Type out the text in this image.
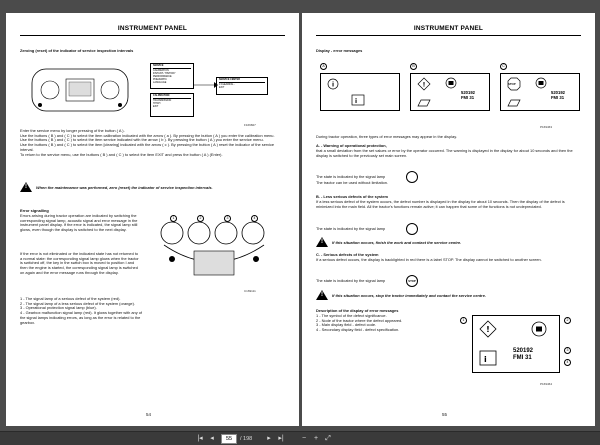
INSTRUMENT PANEL
Zeroing (reset) of the indicator of service inspection intervals
SERVICE
CALIBRATION
INSTANT / HISTORY
PERFORMANCE
PNEUMATIC
LANGUAGE
CALIBRATION
TRANSMISSION
HITCH
EXIT
SERVICE CENTER
0 CLEARING...
EXIT
F169827
Enter the service menu by longer pressing of the button ( A ).
Use the buttons ( B ) and ( C ) to select the item calibration indicated with the arrow ( a ). By pressing the button ( A ) you enter the calibration menu.
Use the buttons ( B ) and ( C ) to select the item service indicated with the arrow ( b ). By pressing the button ( A ) you enter the service menu.
Use the buttons ( B ) and ( C ) to select the item [clearing] indicated with the arrow ( c ). By pressing the button ( A ) reset the indicator of the service interval.
To return to the service menu, use the buttons ( B ) and ( C ) to select the item EXIT and press the button ( A ) (Enter).
!
When the maintenance was performed, zero (reset) the indicator of service inspection intervals.
Error signalling
Errors arising during tractor operation are indicated by switching the corresponding signal lamp, acoustic signal and error message in the instrument panel display. If the error is indicated, the signal lamp still glows, even though the display is switched to the next display.
If the error is not eliminated or the indicated state has not returned to a normal state: the corresponding signal lamp glows when the tractor is switched off, the key in the switch box is moved to position I and then the engine is started, the corresponding signal lamp is switched on again and the error message runs through the display.
1	2	3	4
C169111
1 - The signal lamp of a serious defect of the system (red).
2 - The signal lamp of a less serious defect of the system (orange).
3 - Operational protection signal lamp (blue).
4 - Gearbox malfunction signal lamp (red). It glows together with any of the signal lamps indicating errors, as long as the error is related to the gearbox.
54
INSTRUMENT PANEL
Display - error messages
A
i
i
B
!
520192
FMI 31
C
STOP
520192
FMI 31
P169463
During tractor operation, three types of error messages may appear in the display.
A. - Warning of operational protection,
that a small deviation from the set values or error by the operator occurred. The warning is displayed in the display for about 10 seconds and then the display is switched to the previously set main screen.
The state is indicated by the signal lamp
The tractor can be used without limitation.
B. - Less serious defects of the system
If a less serious defect of the system occurs, the defect number is displayed in the display for about 10 seconds. Then the display of the defect is minimized into the main field. All the tractor's functions remain active; it can happen that some of the functions is not undepreciated.
The state is indicated by the signal lamp
!
If this situation occurs, finish the work and contact the service centre.
C. - Serious defects of the system
If a serious defect occurs, the display is backlighted in red there is a label STOP. The display cannot be switched to another screen.
The state is indicated by the signal lamp	STOP
!
If this situation occurs, stop the tractor immediately and contact the service centre.
Description of the display of error messages
1 - The symbol of the defect significance.
2 - Node of the tractor where the defect appeared.
3 - Main display field - defect code.
4 - Secondary display field - defect specification.
1	2
3
4
!
i
520192
FMI 31
P169464
55
|◂	◂	55	/ 198	▸	▸|	− + ⤢
